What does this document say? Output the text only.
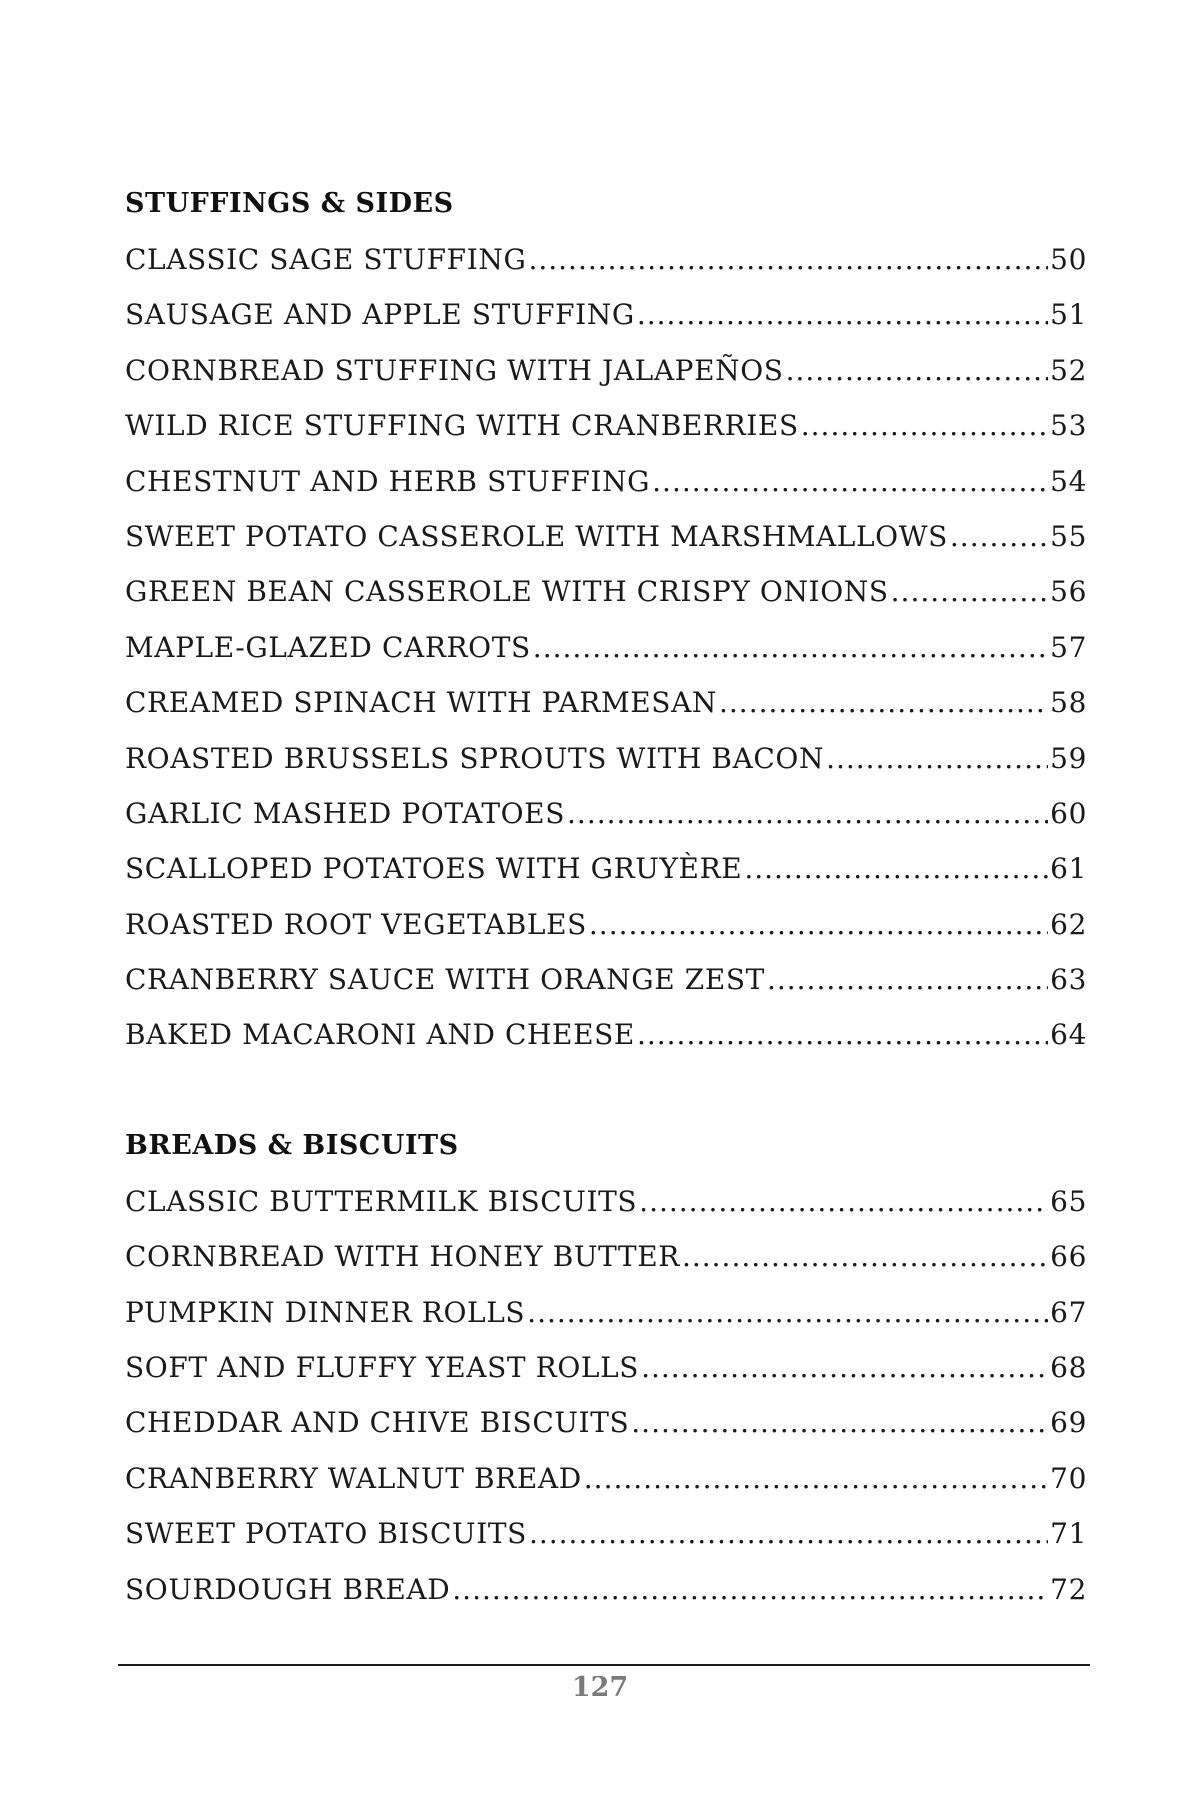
STUFFINGS & SIDES
CLASSIC SAGE STUFFING .....	50
SAUSAGE AND APPLE STUFFING .....	51
CORNBREAD STUFFING WITH JALAPEÑOS .....	52
WILD RICE STUFFING WITH CRANBERRIES .....	53
CHESTNUT AND HERB STUFFING .....	54
SWEET POTATO CASSEROLE WITH MARSHMALLOWS .....	55
GREEN BEAN CASSEROLE WITH CRISPY ONIONS .....	56
MAPLE-GLAZED CARROTS .....	57
CREAMED SPINACH WITH PARMESAN .....	58
ROASTED BRUSSELS SPROUTS WITH BACON .....	59
GARLIC MASHED POTATOES .....	60
SCALLOPED POTATOES WITH GRUYÈRE .....	61
ROASTED ROOT VEGETABLES .....	62
CRANBERRY SAUCE WITH ORANGE ZEST .....	63
BAKED MACARONI AND CHEESE .....	64
BREADS & BISCUITS
CLASSIC BUTTERMILK BISCUITS .....	65
CORNBREAD WITH HONEY BUTTER .....	66
PUMPKIN DINNER ROLLS .....	67
SOFT AND FLUFFY YEAST ROLLS .....	68
CHEDDAR AND CHIVE BISCUITS .....	69
CRANBERRY WALNUT BREAD .....	70
SWEET POTATO BISCUITS .....	71
SOURDOUGH BREAD .....	72
127
